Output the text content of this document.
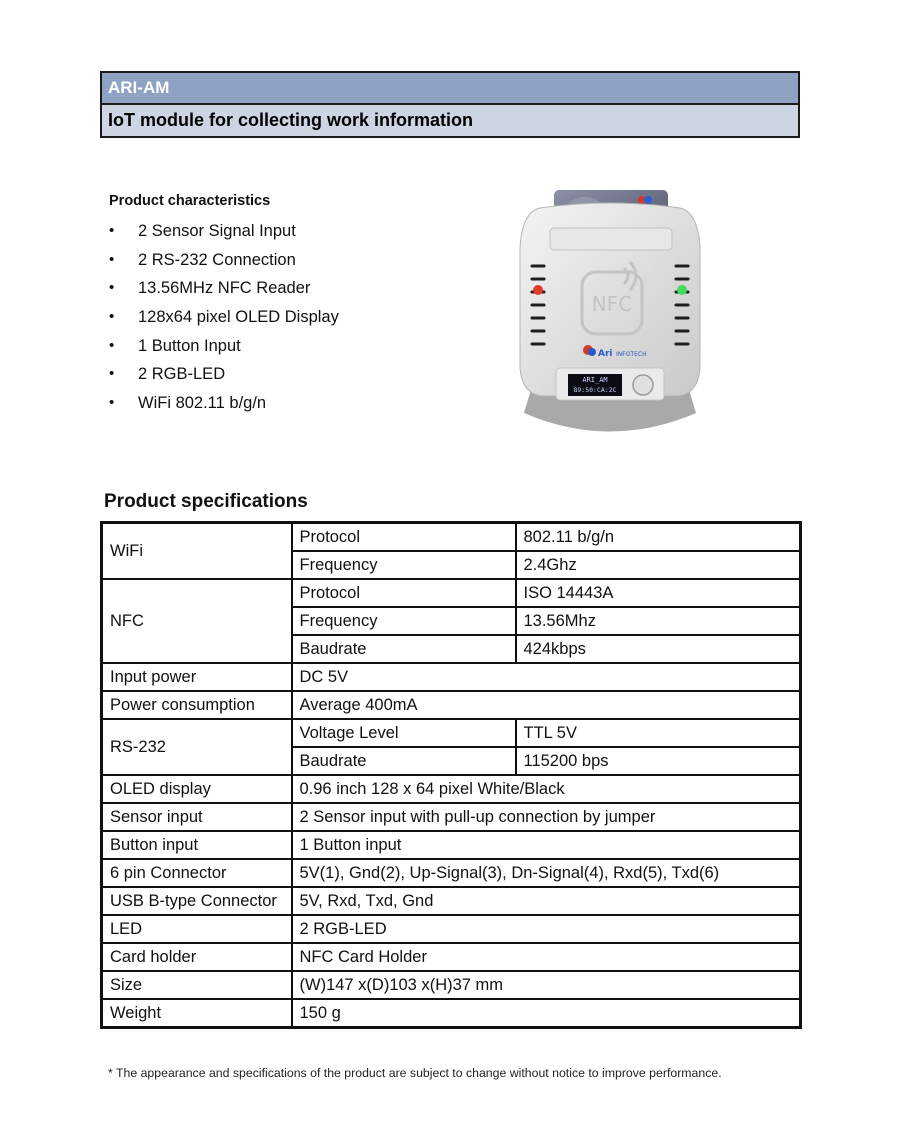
ARI-AM
IoT module for collecting work information
Product characteristics
• 2 Sensor Signal Input
• 2 RS-232 Connection
• 13.56MHz NFC Reader
• 128x64 pixel OLED Display
• 1 Button Input
• 2 RGB-LED
• WiFi 802.11 b/g/n
NFC
Ari INFOTECH
ARI_AM
89:50:CA:2C
Product specifications
WiFi	Protocol	802.11 b/g/n
	Frequency	2.4Ghz
NFC	Protocol	ISO 14443A
	Frequency	13.56Mhz
	Baudrate	424kbps
Input power	DC 5V	
Power consumption	Average 400mA	
RS-232	Voltage Level	TTL 5V
	Baudrate	115200 bps
OLED display	0.96 inch 128 x 64 pixel White/Black	
Sensor input	2 Sensor input with pull-up connection by jumper	
Button input	1 Button input	
6 pin Connector	5V(1), Gnd(2), Up-Signal(3), Dn-Signal(4), Rxd(5), Txd(6)	
USB B-type Connector	5V, Rxd, Txd, Gnd	
LED	2 RGB-LED	
Card holder	NFC Card Holder	
Size	(W)147 x(D)103 x(H)37 mm	
Weight	150 g	
* The appearance and specifications of the product are subject to change without notice to improve performance.
